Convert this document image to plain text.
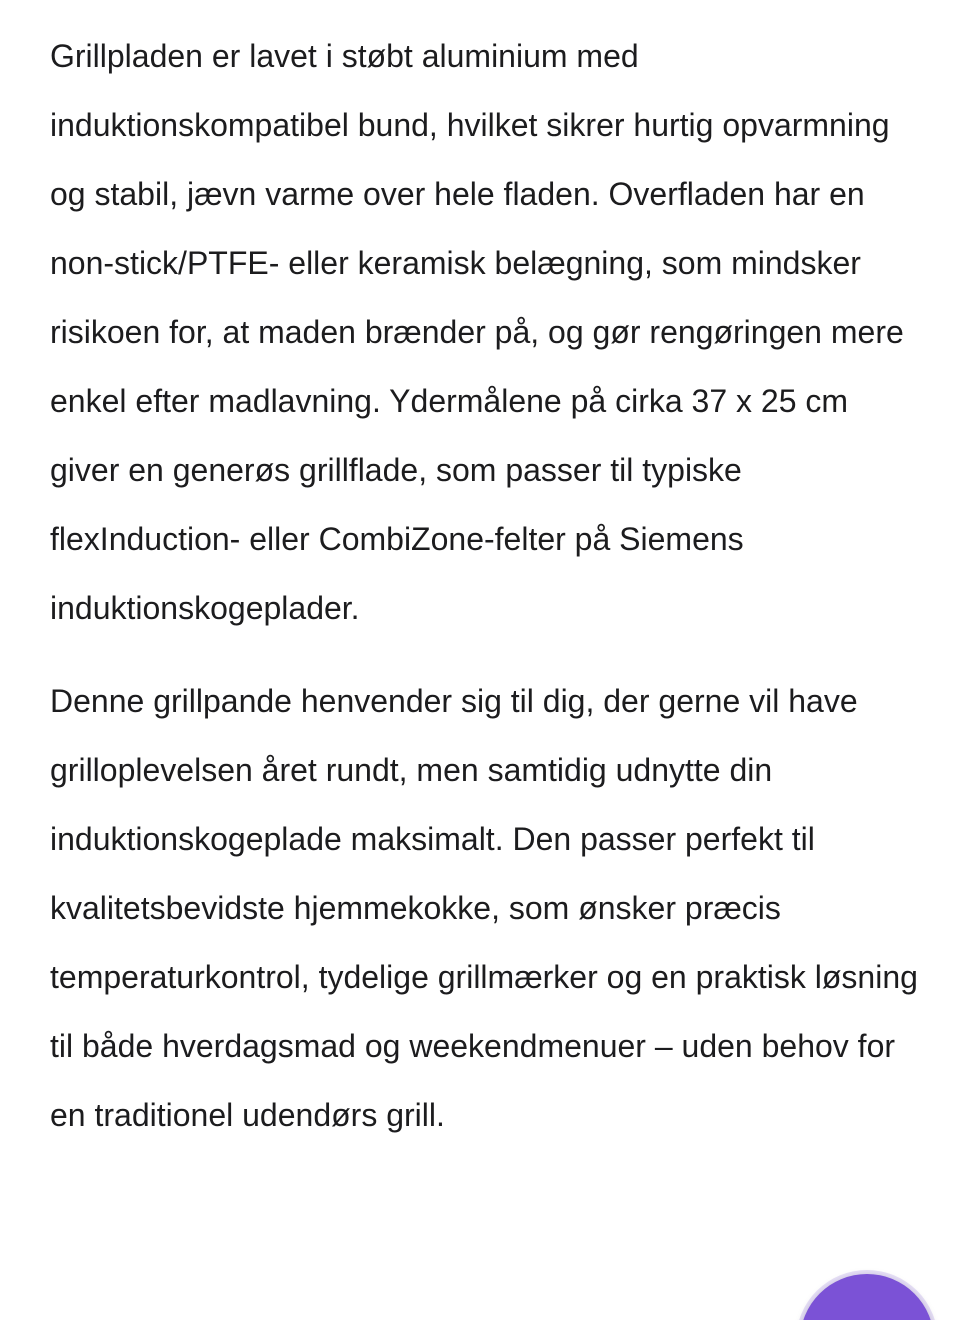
Grillpladen er lavet i støbt aluminium med induktionskompatibel bund, hvilket sikrer hurtig opvarmning og stabil, jævn varme over hele fladen. Overfladen har en non-stick/PTFE- eller keramisk belægning, som mindsker risikoen for, at maden brænder på, og gør rengøringen mere enkel efter madlavning. Ydermålene på cirka 37 x 25 cm giver en generøs grillflade, som passer til typiske flexInduction- eller CombiZone-felter på Siemens induktionskogeplader.

Denne grillpande henvender sig til dig, der gerne vil have grilloplevelsen året rundt, men samtidig udnytte din induktionskogeplade maksimalt. Den passer perfekt til kvalitetsbevidste hjemmekokke, som ønsker præcis temperaturkontrol, tydelige grillmærker og en praktisk løsning til både hverdagsmad og weekendmenuer – uden behov for en traditionel udendørs grill.
